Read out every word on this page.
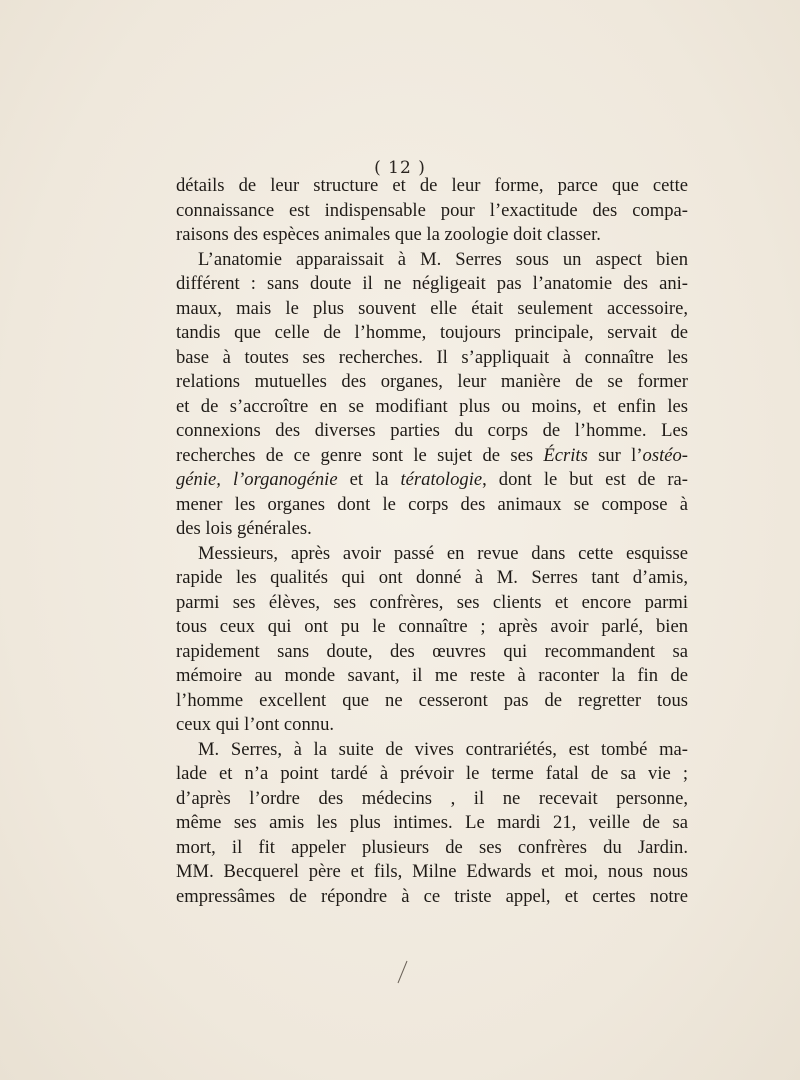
( 12 )
détails de leur structure et de leur forme, parce que cette
connaissance est indispensable pour l’exactitude des compa-
raisons des espèces animales que la zoologie doit classer.
L’anatomie apparaissait à M. Serres sous un aspect bien
différent : sans doute il ne négligeait pas l’anatomie des ani-
maux, mais le plus souvent elle était seulement accessoire,
tandis que celle de l’homme, toujours principale, servait de
base à toutes ses recherches. Il s’appliquait à connaître les
relations mutuelles des organes, leur manière de se former
et de s’accroître en se modifiant plus ou moins, et enfin les
connexions des diverses parties du corps de l’homme. Les
recherches de ce genre sont le sujet de ses Écrits sur l’ostéo-
génie, l’organogénie et la tératologie, dont le but est de ra-
mener les organes dont le corps des animaux se compose à
des lois générales.
Messieurs, après avoir passé en revue dans cette esquisse
rapide les qualités qui ont donné à M. Serres tant d’amis,
parmi ses élèves, ses confrères, ses clients et encore parmi
tous ceux qui ont pu le connaître ; après avoir parlé, bien
rapidement sans doute, des œuvres qui recommandent sa
mémoire au monde savant, il me reste à raconter la fin de
l’homme excellent que ne cesseront pas de regretter tous
ceux qui l’ont connu.
M. Serres, à la suite de vives contrariétés, est tombé ma-
lade et n’a point tardé à prévoir le terme fatal de sa vie ;
d’après l’ordre des médecins , il ne recevait personne,
même ses amis les plus intimes. Le mardi 21, veille de sa
mort, il fit appeler plusieurs de ses confrères du Jardin.
MM. Becquerel père et fils, Milne Edwards et moi, nous nous
empressâmes de répondre à ce triste appel, et certes notre
